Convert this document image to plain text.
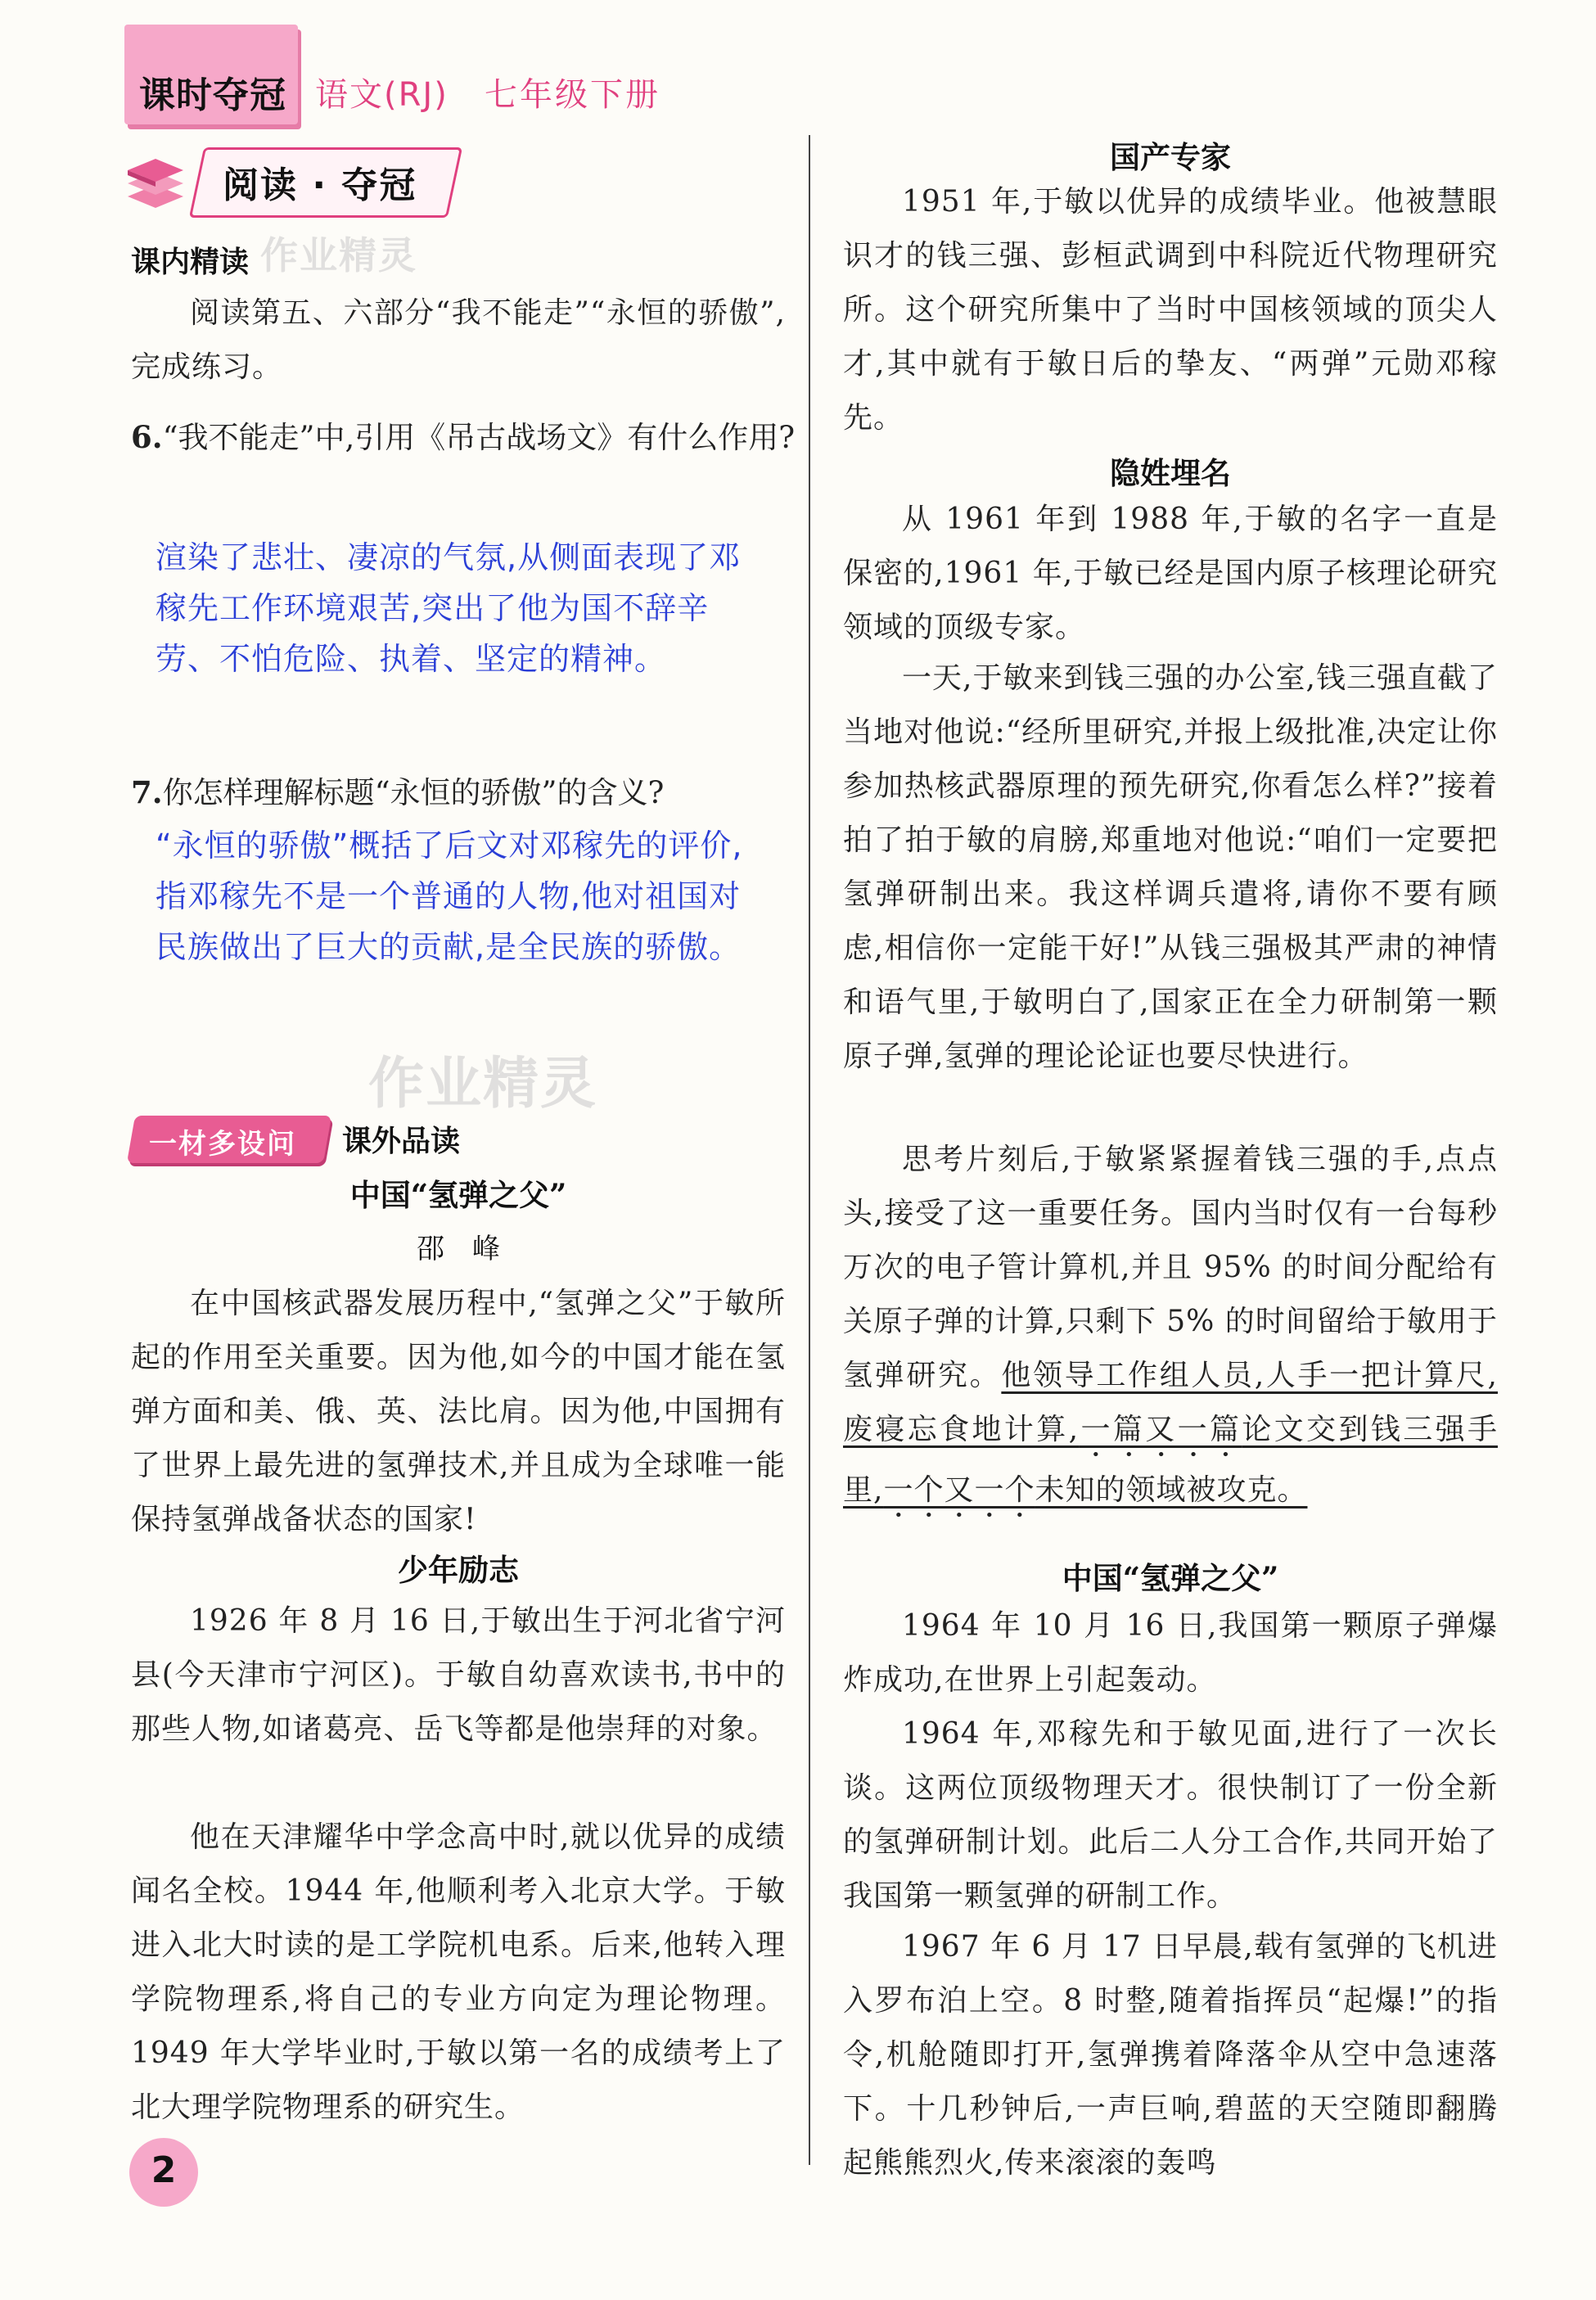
课时夺冠 语文(RJ) 七年级下册
阅读 · 夺冠
课内精读 作业精灵
阅读第五、六部分“我不能走”“永恒的骄傲”,完成练习。
6.“我不能走”中,引用《吊古战场文》有什么作用?
渲染了悲壮、凄凉的气氛,从侧面表现了邓稼先工作环境艰苦,突出了他为国不辞辛劳、不怕危险、执着、坚定的精神。
7.你怎样理解标题“永恒的骄傲”的含义?
“永恒的骄傲”概括了后文对邓稼先的评价,指邓稼先不是一个普通的人物,他对祖国对民族做出了巨大的贡献,是全民族的骄傲。
作业精灵
一材多设问 课外品读
中国“氢弹之父”
邵　峰
在中国核武器发展历程中,“氢弹之父”于敏所起的作用至关重要。因为他,如今的中国才能在氢弹方面和美、俄、英、法比肩。因为他,中国拥有了世界上最先进的氢弹技术,并且成为全球唯一能保持氢弹战备状态的国家!
少年励志
1926 年 8 月 16 日,于敏出生于河北省宁河县(今天津市宁河区)。于敏自幼喜欢读书,书中的那些人物,如诸葛亮、岳飞等都是他崇拜的对象。
他在天津耀华中学念高中时,就以优异的成绩闻名全校。1944 年,他顺利考入北京大学。于敏进入北大时读的是工学院机电系。后来,他转入理学院物理系,将自己的专业方向定为理论物理。1949 年大学毕业时,于敏以第一名的成绩考上了北大理学院物理系的研究生。
国产专家
1951 年,于敏以优异的成绩毕业。他被慧眼识才的钱三强、彭桓武调到中科院近代物理研究所。这个研究所集中了当时中国核领域的顶尖人才,其中就有于敏日后的挚友、“两弹”元勋邓稼先。
隐姓埋名
从 1961 年到 1988 年,于敏的名字一直是保密的,1961 年,于敏已经是国内原子核理论研究领域的顶级专家。
一天,于敏来到钱三强的办公室,钱三强直截了当地对他说:“经所里研究,并报上级批准,决定让你参加热核武器原理的预先研究,你看怎么样?”接着拍了拍于敏的肩膀,郑重地对他说:“咱们一定要把氢弹研制出来。我这样调兵遣将,请你不要有顾虑,相信你一定能干好!”从钱三强极其严肃的神情和语气里,于敏明白了,国家正在全力研制第一颗原子弹,氢弹的理论论证也要尽快进行。
思考片刻后,于敏紧紧握着钱三强的手,点点头,接受了这一重要任务。国内当时仅有一台每秒万次的电子管计算机,并且 95% 的时间分配给有关原子弹的计算,只剩下 5% 的时间留给于敏用于氢弹研究。他领导工作组人员,人手一把计算尺,废寝忘食地计算,一篇又一篇论文交到钱三强手里,一个又一个未知的领域被攻克。
中国“氢弹之父”
1964 年 10 月 16 日,我国第一颗原子弹爆炸成功,在世界上引起轰动。
1964 年,邓稼先和于敏见面,进行了一次长谈。这两位顶级物理天才。很快制订了一份全新的氢弹研制计划。此后二人分工合作,共同开始了我国第一颗氢弹的研制工作。
1967 年 6 月 17 日早晨,载有氢弹的飞机进入罗布泊上空。8 时整,随着指挥员“起爆!”的指令,机舱随即打开,氢弹携着降落伞从空中急速落下。十几秒钟后,一声巨响,碧蓝的天空随即翻腾起熊熊烈火,传来滚滚的轰鸣
2
